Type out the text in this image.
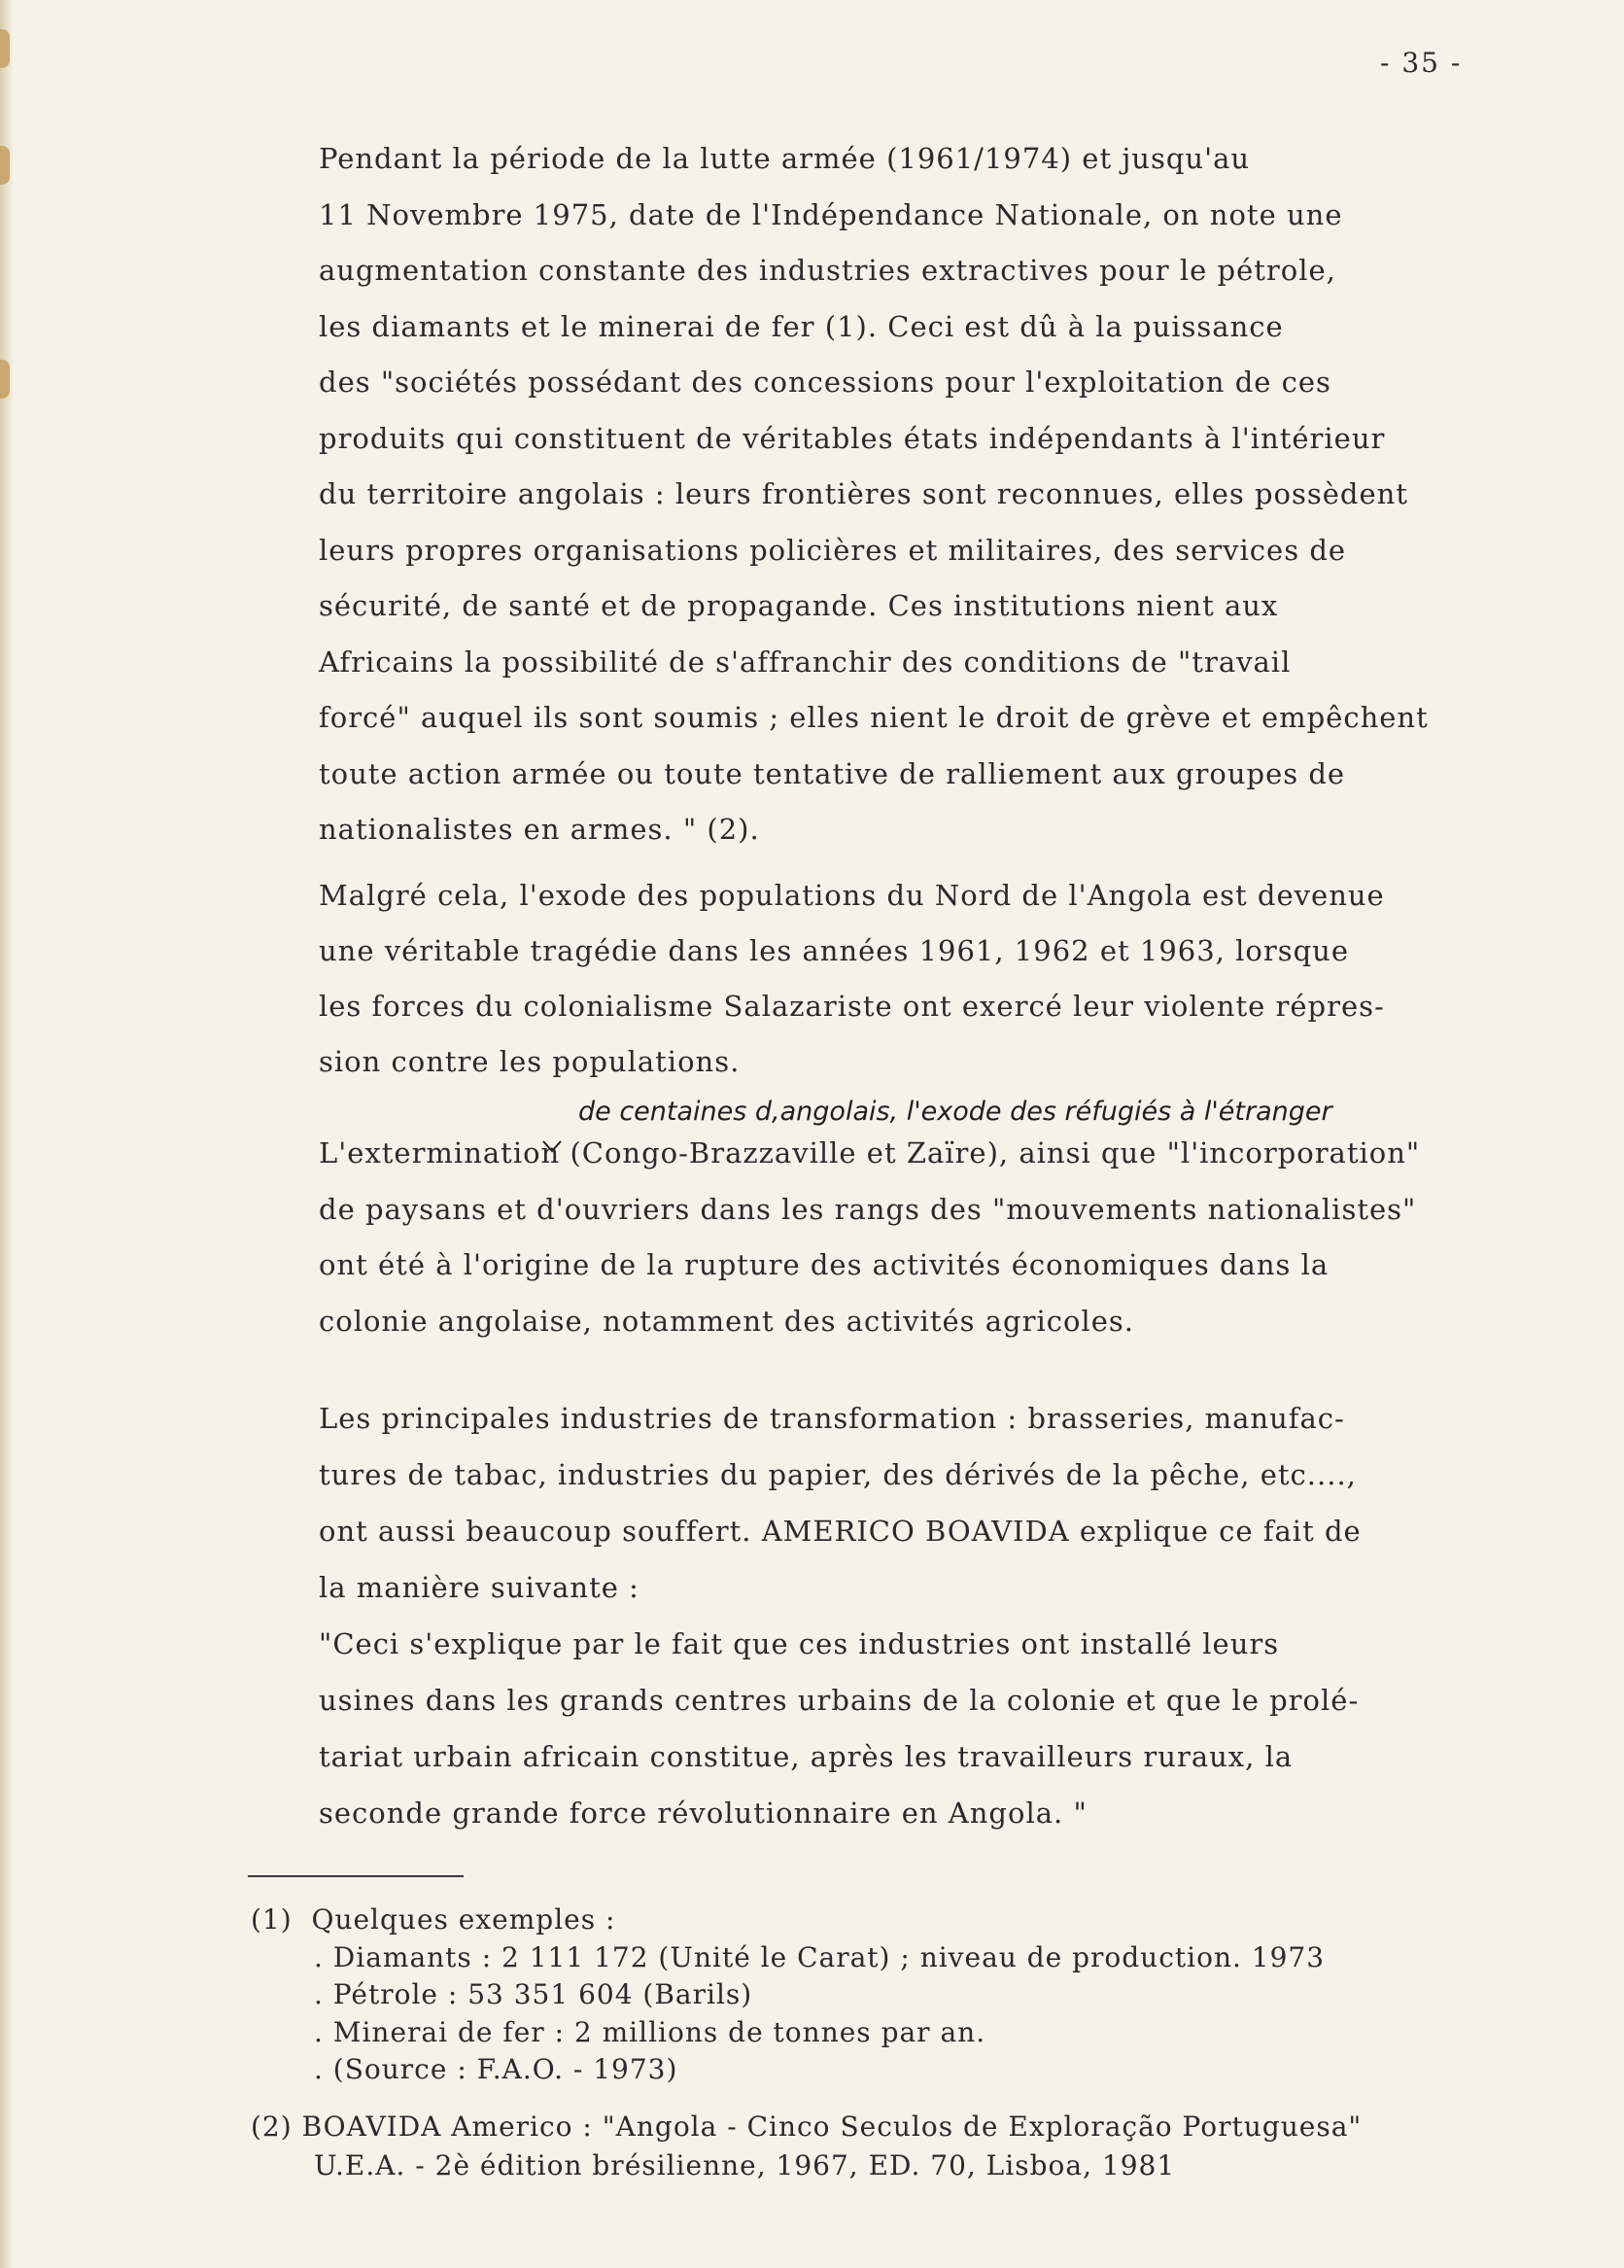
- 35 -
Pendant la période de la lutte armée (1961/1974) et jusqu'au
11 Novembre 1975, date de l'Indépendance Nationale, on note une
augmentation constante des industries extractives pour le pétrole,
les diamants et le minerai de fer (1). Ceci est dû à la puissance
des "sociétés possédant des concessions pour l'exploitation de ces
produits qui constituent de véritables états indépendants à l'intérieur
du territoire angolais : leurs frontières sont reconnues, elles possèdent
leurs propres organisations policières et militaires, des services de
sécurité, de santé et de propagande. Ces institutions nient aux
Africains la possibilité de s'affranchir des conditions de "travail
forcé" auquel ils sont soumis ; elles nient le droit de grève et empêchent
toute action armée ou toute tentative de ralliement aux groupes de
nationalistes en armes. " (2).
Malgré cela, l'exode des populations du Nord de l'Angola est devenue
une véritable tragédie dans les années 1961, 1962 et 1963, lorsque
les forces du colonialisme Salazariste ont exercé leur violente répres-
sion contre les populations.
de centaines d,angolais, l'exode des réfugiés à l'étranger
L'extermination (Congo-Brazzaville et Zaïre), ainsi que "l'incorporation"
de paysans et d'ouvriers dans les rangs des "mouvements nationalistes"
ont été à l'origine de la rupture des activités économiques dans la
colonie angolaise, notamment des activités agricoles.
Les principales industries de transformation : brasseries, manufac-
tures de tabac, industries du papier, des dérivés de la pêche, etc....,
ont aussi beaucoup souffert. AMERICO BOAVIDA explique ce fait de
la manière suivante :
"Ceci s'explique par le fait que ces industries ont installé leurs
usines dans les grands centres urbains de la colonie et que le prolé-
tariat urbain africain constitue, après les travailleurs ruraux, la
seconde grande force révolutionnaire en Angola. "
(1) Quelques exemples :
. Diamants : 2 111 172 (Unité le Carat) ; niveau de production. 1973
. Pétrole : 53 351 604 (Barils)
. Minerai de fer : 2 millions de tonnes par an.
. (Source : F.A.O. - 1973)
(2) BOAVIDA Americo : "Angola - Cinco Seculos de Exploração Portuguesa"
U.E.A. - 2è édition brésilienne, 1967, ED. 70, Lisboa, 1981
